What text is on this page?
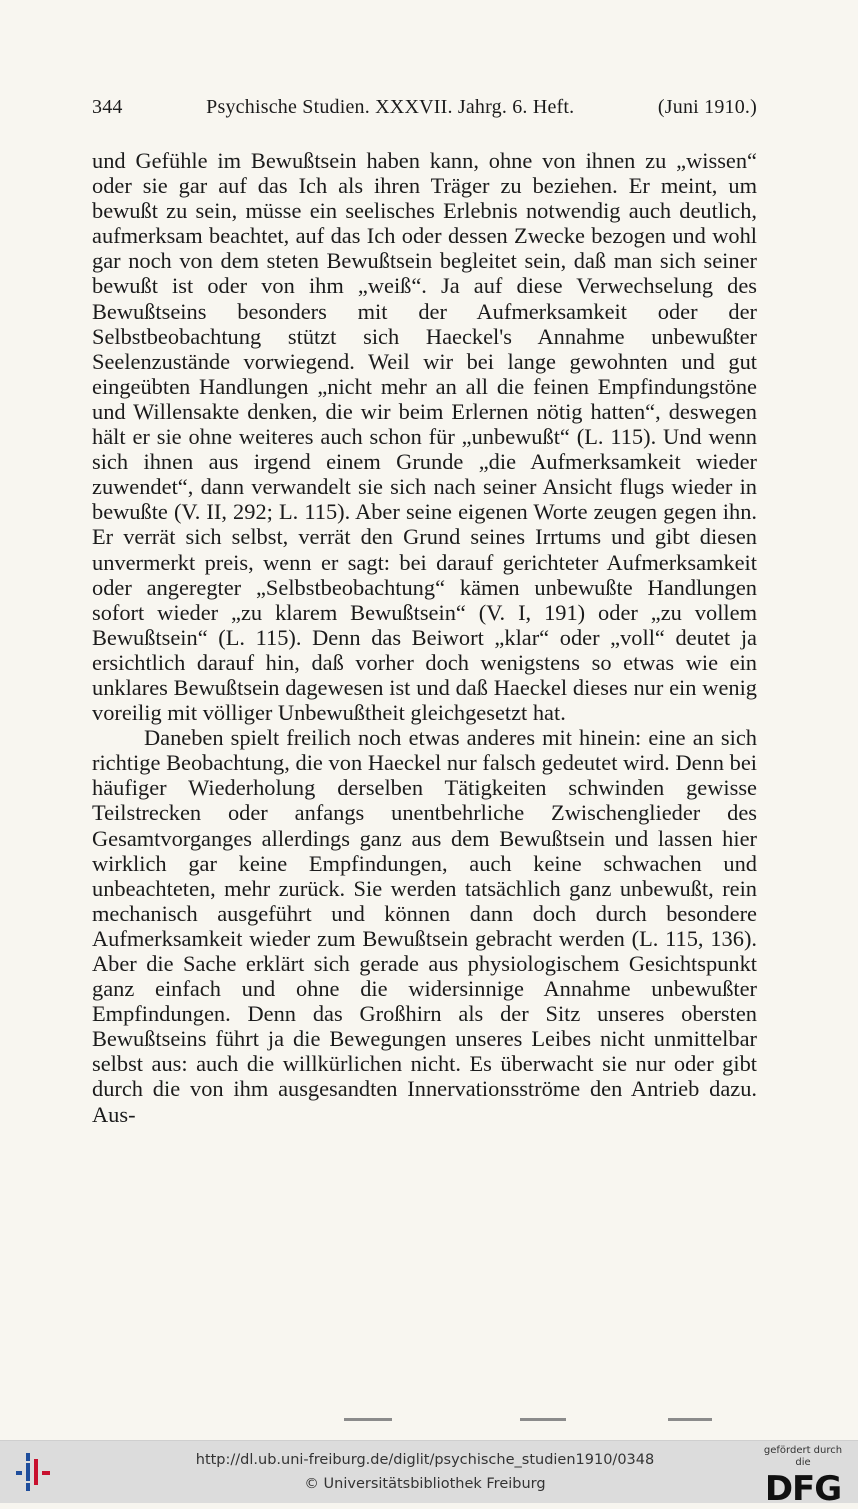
344	Psychische Studien. XXXVII. Jahrg. 6. Heft.	(Juni 1910.)

und Gefühle im Bewußtsein haben kann, ohne von ihnen zu „wissen“ oder sie gar auf das Ich als ihren Träger zu beziehen. Er meint, um bewußt zu sein, müsse ein seelisches Erlebnis notwendig auch deutlich, aufmerksam beachtet, auf das Ich oder dessen Zwecke bezogen und wohl gar noch von dem steten Bewußtsein begleitet sein, daß man sich seiner bewußt ist oder von ihm „weiß“. Ja auf diese Verwechselung des Bewußtseins besonders mit der Aufmerksamkeit oder der Selbstbeobachtung stützt sich Haeckel's Annahme unbewußter Seelenzustände vorwiegend. Weil wir bei lange gewohnten und gut eingeübten Handlungen „nicht mehr an all die feinen Empfindungstöne und Willensakte denken, die wir beim Erlernen nötig hatten“, deswegen hält er sie ohne weiteres auch schon für „unbewußt“ (L. 115). Und wenn sich ihnen aus irgend einem Grunde „die Aufmerksamkeit wieder zuwendet“, dann verwandelt sie sich nach seiner Ansicht flugs wieder in bewußte (V. II, 292; L. 115). Aber seine eigenen Worte zeugen gegen ihn. Er verrät sich selbst, verrät den Grund seines Irrtums und gibt diesen unvermerkt preis, wenn er sagt: bei darauf gerichteter Aufmerksamkeit oder angeregter „Selbstbeobachtung“ kämen unbewußte Handlungen sofort wieder „zu klarem Bewußtsein“ (V. I, 191) oder „zu vollem Bewußtsein“ (L. 115). Denn das Beiwort „klar“ oder „voll“ deutet ja ersichtlich darauf hin, daß vorher doch wenigstens so etwas wie ein unklares Bewußtsein dagewesen ist und daß Haeckel dieses nur ein wenig voreilig mit völliger Unbewußtheit gleichgesetzt hat.

Daneben spielt freilich noch etwas anderes mit hinein: eine an sich richtige Beobachtung, die von Haeckel nur falsch gedeutet wird. Denn bei häufiger Wiederholung derselben Tätigkeiten schwinden gewisse Teilstrecken oder anfangs unentbehrliche Zwischenglieder des Gesamtvorganges allerdings ganz aus dem Bewußtsein und lassen hier wirklich gar keine Empfindungen, auch keine schwachen und unbeachteten, mehr zurück. Sie werden tatsächlich ganz unbewußt, rein mechanisch ausgeführt und können dann doch durch besondere Aufmerksamkeit wieder zum Bewußtsein gebracht werden (L. 115, 136). Aber die Sache erklärt sich gerade aus physiologischem Gesichtspunkt ganz einfach und ohne die widersinnige Annahme unbewußter Empfindungen. Denn das Großhirn als der Sitz unseres obersten Bewußtseins führt ja die Bewegungen unseres Leibes nicht unmittelbar selbst aus: auch die willkürlichen nicht. Es überwacht sie nur oder gibt durch die von ihm ausgesandten Innervationsströme den Antrieb dazu. Aus-

http://dl.ub.uni-freiburg.de/diglit/psychische_studien1910/0348
© Universitätsbibliothek Freiburg
gefördert durch die
DFG
